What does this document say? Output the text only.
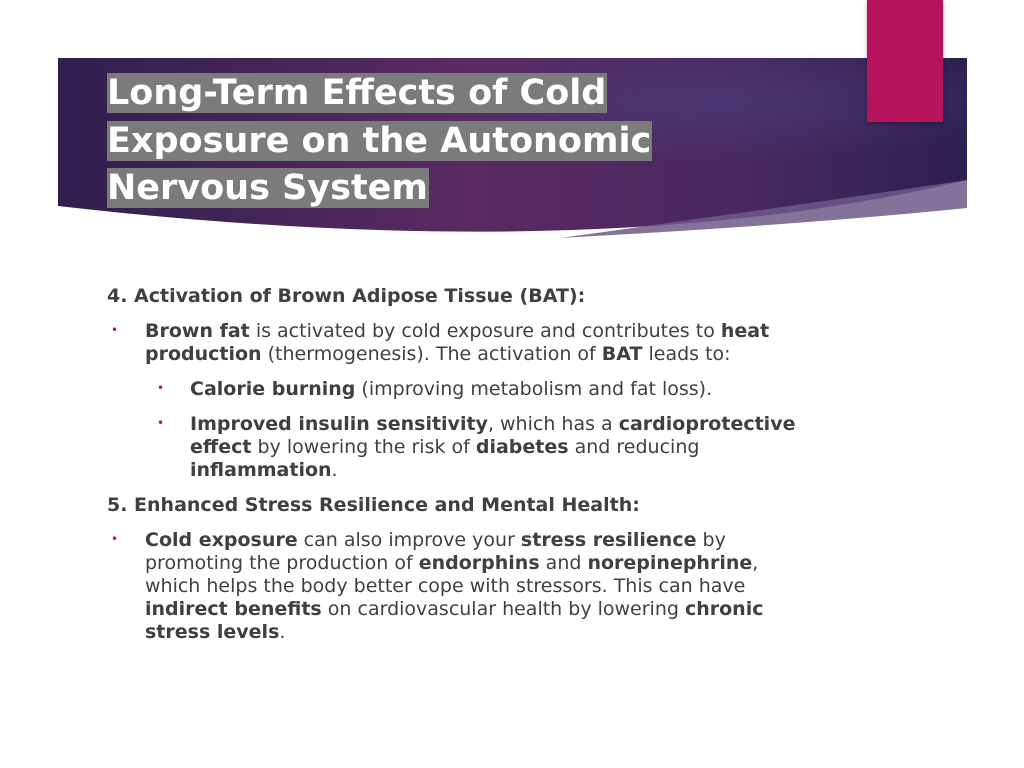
Long-Term Effects of Cold
Exposure on the Autonomic
Nervous System

4. Activation of Brown Adipose Tissue (BAT):

• Brown fat is activated by cold exposure and contributes to heat production (thermogenesis). The activation of BAT leads to:

• Calorie burning (improving metabolism and fat loss).

• Improved insulin sensitivity, which has a cardioprotective effect by lowering the risk of diabetes and reducing inflammation.

5. Enhanced Stress Resilience and Mental Health:

• Cold exposure can also improve your stress resilience by promoting the production of endorphins and norepinephrine, which helps the body better cope with stressors. This can have indirect benefits on cardiovascular health by lowering chronic stress levels.
